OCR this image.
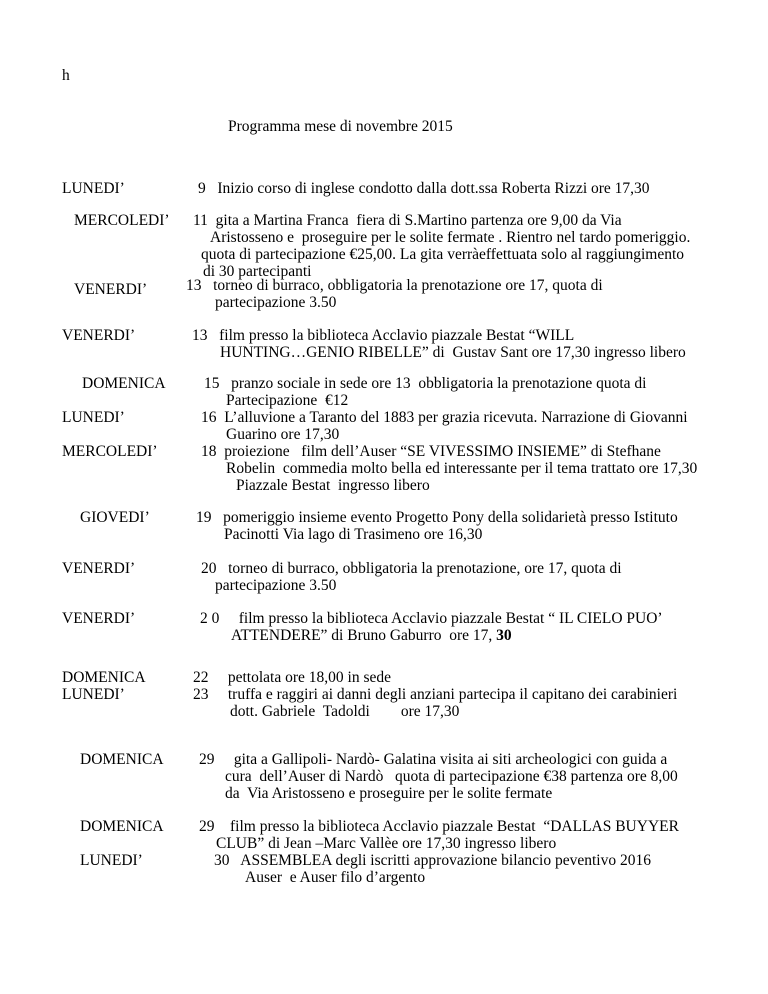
h
Programma mese di novembre 2015
LUNEDI’	9   Inizio corso di inglese condotto dalla dott.ssa Roberta Rizzi ore 17,30
MERCOLEDI’ 11  gita a Martina Franca  fiera di S.Martino partenza ore 9,00 da Via
Aristosseno e  proseguire per le solite fermate . Rientro nel tardo pomeriggio.
quota di partecipazione €25,00. La gita verràeffettuata solo al raggiungimento
di 30 partecipanti
VENERDI’	13   torneo di burraco, obbligatoria la prenotazione ore 17, quota di
partecipazione 3.50
VENERDI’	13   film presso la biblioteca Acclavio piazzale Bestat “WILL
HUNTING…GENIO RIBELLE” di  Gustav Sant ore 17,30 ingresso libero
DOMENICA 15   pranzo sociale in sede ore 13  obbligatoria la prenotazione quota di
Partecipazione  €12
LUNEDI’	16  L’alluvione a Taranto del 1883 per grazia ricevuta. Narrazione di Giovanni
Guarino ore 17,30
MERCOLEDI’	18  proiezione   film dell’Auser “SE VIVESSIMO INSIEME” di Stefhane
Robelin  commedia molto bella ed interessante per il tema trattato ore 17,30
Piazzale Bestat  ingresso libero
GIOVEDI’	19   pomeriggio insieme evento Progetto Pony della solidarietà presso Istituto
Pacinotti Via lago di Trasimeno ore 16,30
VENERDI’	20   torneo di burraco, obbligatoria la prenotazione, ore 17, quota di
partecipazione 3.50
VENERDI’	2 0     film presso la biblioteca Acclavio piazzale Bestat “ IL CIELO PUO’
ATTENDERE” di Bruno Gaburro  ore 17, 30
DOMENICA	22     pettolata ore 18,00 in sede
LUNEDI’	23     truffa e raggiri ai danni degli anziani partecipa il capitano dei carabinieri
dott. Gabriele  Tadoldi        ore 17,30
DOMENICA 29     gita a Gallipoli- Nardò- Galatina visita ai siti archeologici con guida a
cura  dell’Auser di Nardò   quota di partecipazione €38 partenza ore 8,00
da  Via Aristosseno e proseguire per le solite fermate
DOMENICA 29    film presso la biblioteca Acclavio piazzale Bestat  “DALLAS BUYYER
CLUB” di Jean –Marc Vallèe ore 17,30 ingresso libero
LUNEDI’	30   ASSEMBLEA degli iscritti approvazione bilancio peventivo 2016
Auser  e Auser filo d’argento
